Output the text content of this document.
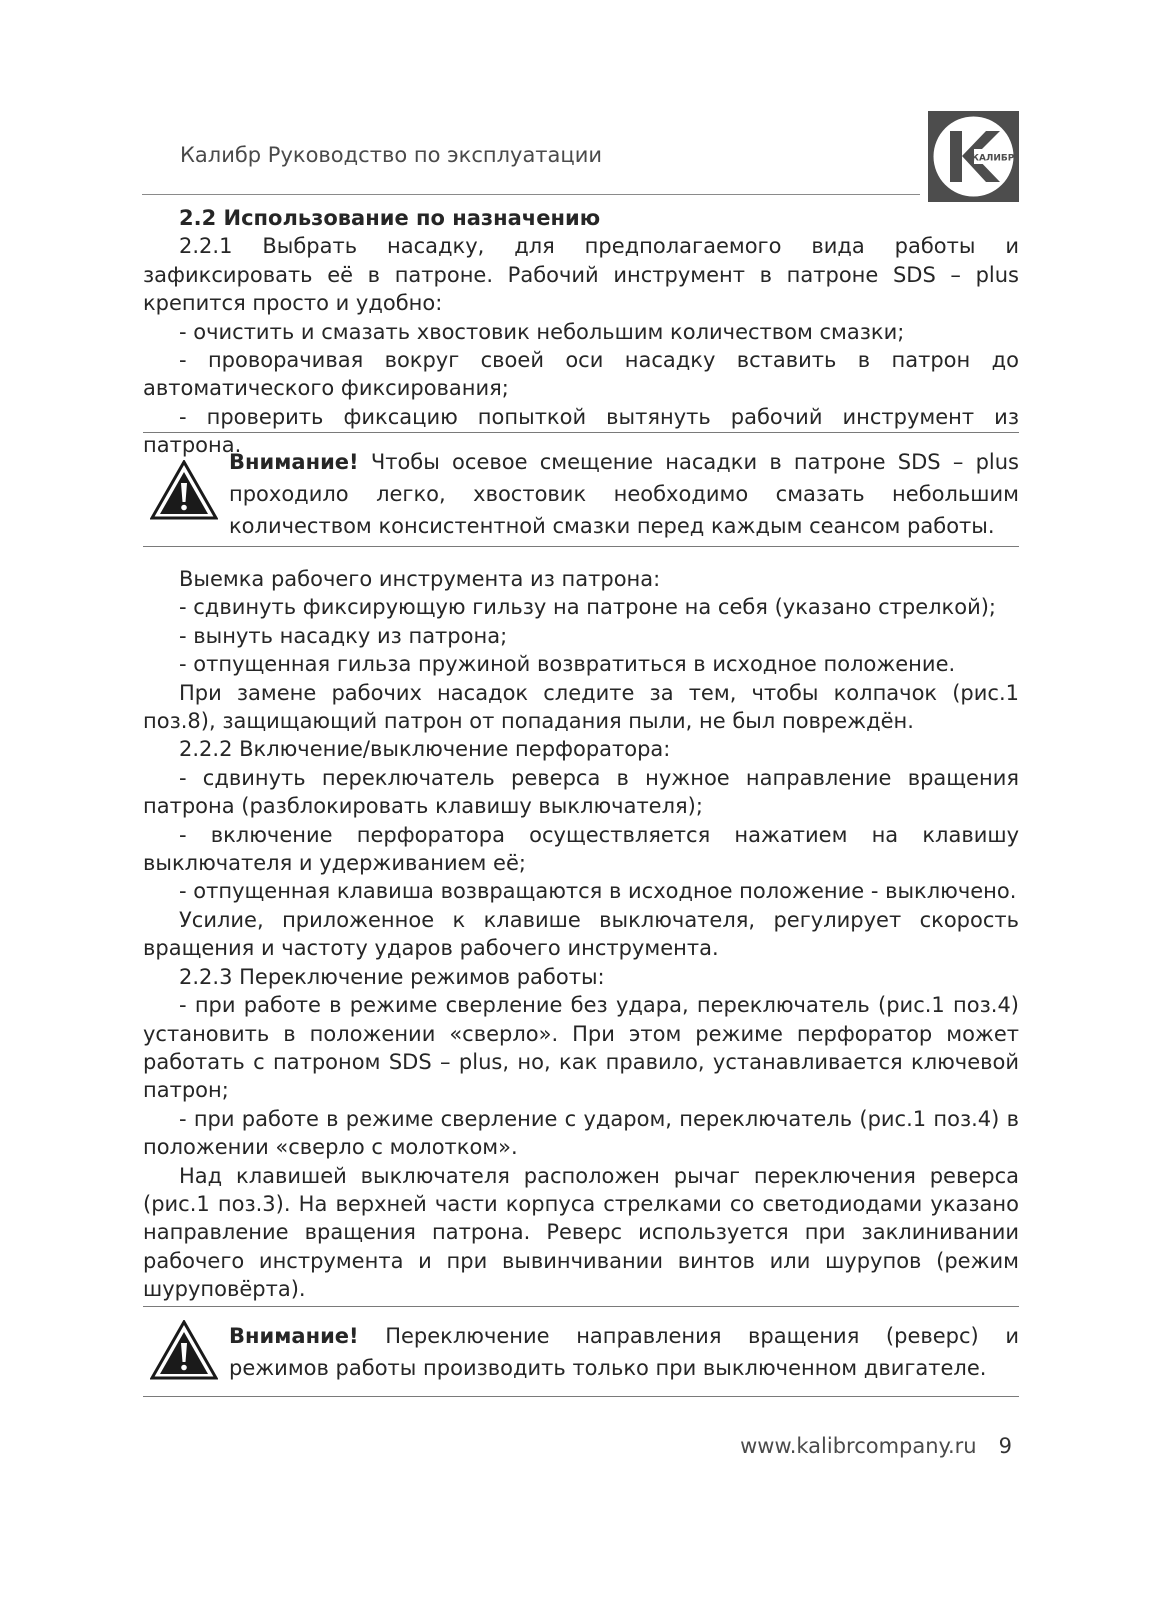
Калибр Руководство по эксплуатации	КАЛИБР

2.2 Использование по назначению

2.2.1 Выбрать насадку, для предполагаемого вида работы и зафиксировать её в патроне. Рабочий инструмент в патроне SDS – plus крепится просто и удобно:

- очистить и смазать хвостовик небольшим количеством смазки;

- проворачивая вокруг своей оси насадку вставить в патрон до автоматического фиксирования;

- проверить фиксацию попыткой вытянуть рабочий инструмент из патрона.

Внимание! Чтобы осевое смещение насадки в патроне SDS – plus проходило легко, хвостовик необходимо смазать небольшим количеством консистентной смазки перед каждым сеансом работы.

Выемка рабочего инструмента из патрона:

- сдвинуть фиксирующую гильзу на патроне на себя (указано стрелкой);

- вынуть насадку из патрона;

- отпущенная гильза пружиной возвратиться в исходное положение.

При замене рабочих насадок следите за тем, чтобы колпачок (рис.1 поз.8), защищающий патрон от попадания пыли, не был повреждён.

2.2.2 Включение/выключение перфоратора:

- сдвинуть переключатель реверса в нужное направление вращения патрона (разблокировать клавишу выключателя);

- включение перфоратора осуществляется нажатием на клавишу выключателя и удерживанием её;

- отпущенная клавиша возвращаются в исходное положение - выключено.

Усилие, приложенное к клавише выключателя, регулирует скорость вращения и частоту ударов рабочего инструмента.

2.2.3 Переключение режимов работы:

- при работе в режиме сверление без удара, переключатель (рис.1 поз.4) установить в положении «сверло». При этом режиме перфоратор может работать с патроном SDS – plus, но, как правило, устанавливается ключевой патрон;

- при работе в режиме сверление с ударом, переключатель (рис.1 поз.4) в положении «сверло с молотком».

Над клавишей выключателя расположен рычаг переключения реверса (рис.1 поз.3). На верхней части корпуса стрелками со светодиодами указано направление вращения патрона. Реверс используется при заклинивании рабочего инструмента и при вывинчивании винтов или шурупов (режим шуруповёрта).

Внимание! Переключение направления вращения (реверс) и режимов работы производить только при выключенном двигателе.

www.kalibrcompany.ru 9
